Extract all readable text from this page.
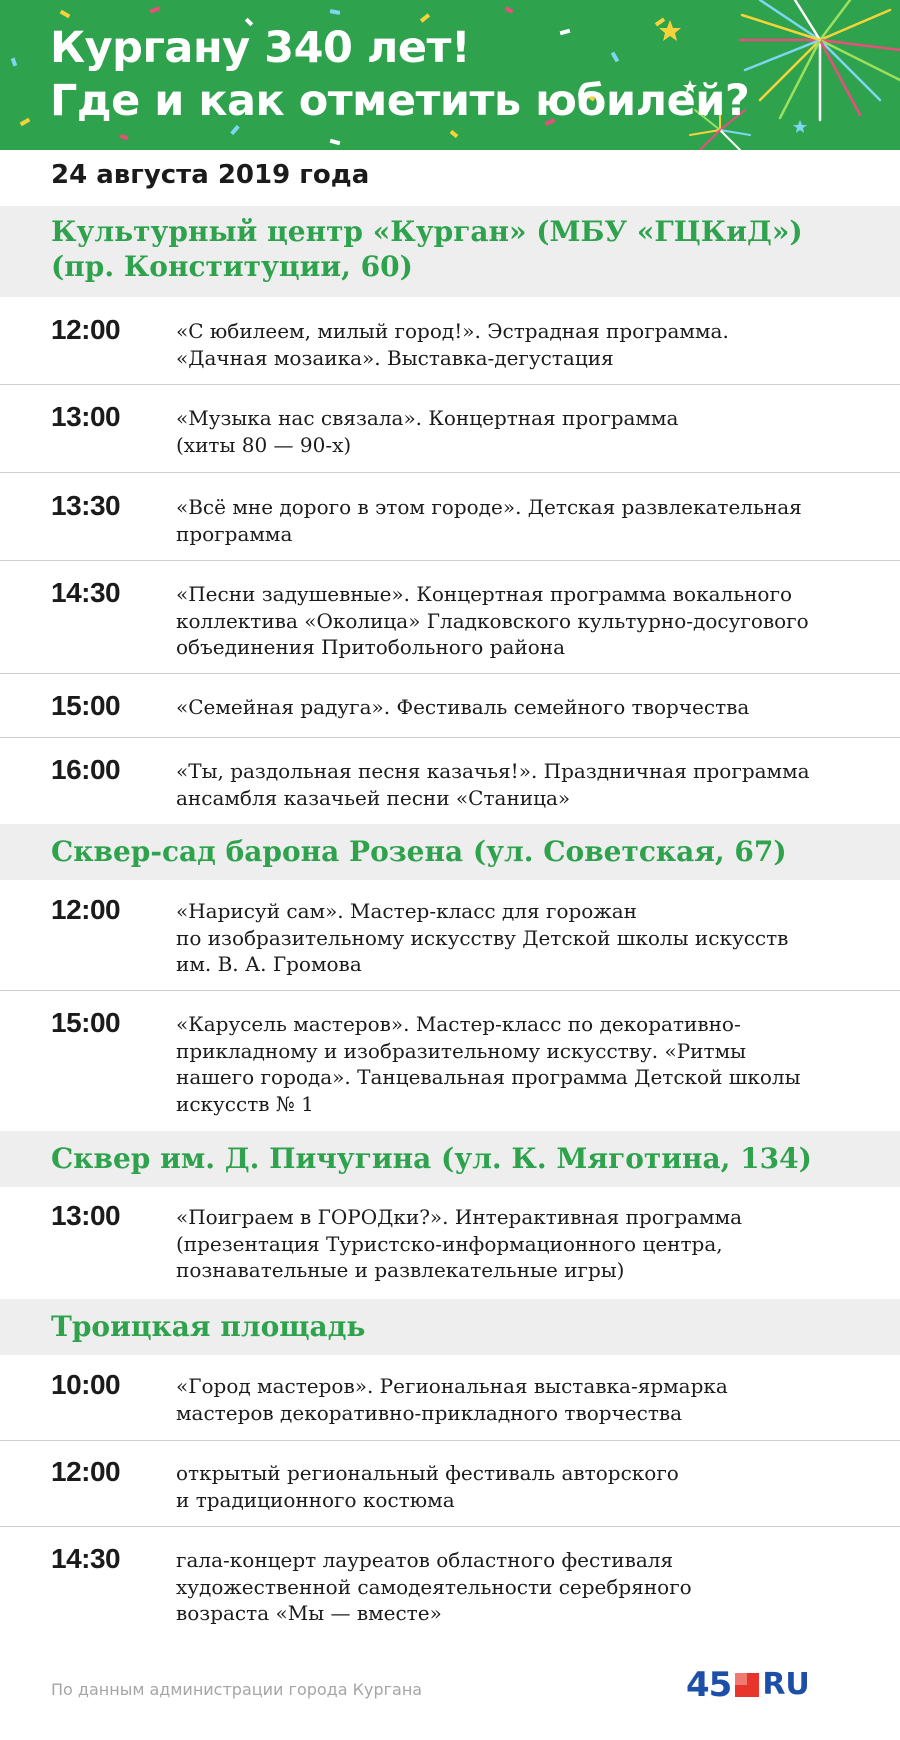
Кургану 340 лет!
Где и как отметить юбилей?
24 августа 2019 года
Культурный центр «Курган» (МБУ «ГЦКиД»)
(пр. Конституции, 60)
12:00	«С юбилеем, милый город!». Эстрадная программа.
«Дачная мозаика». Выставка-дегустация
13:00	«Музыка нас связала». Концертная программа
(хиты 80 — 90-х)
13:30	«Всё мне дорого в этом городе». Детская развлекательная
программа
14:30	«Песни задушевные». Концертная программа вокального
коллектива «Околица» Гладковского культурно-досугового
объединения Притобольного района
15:00	«Семейная радуга». Фестиваль семейного творчества
16:00	«Ты, раздольная песня казачья!». Праздничная программа
ансамбля казачьей песни «Станица»
Сквер-сад барона Розена (ул. Советская, 67)
12:00	«Нарисуй сам». Мастер-класс для горожан
по изобразительному искусству Детской школы искусств
им. В. А. Громова
15:00	«Карусель мастеров». Мастер-класс по декоративно-
прикладному и изобразительному искусству. «Ритмы
нашего города». Танцевальная программа Детской школы
искусств № 1
Сквер им. Д. Пичугина (ул. К. Мяготина, 134)
13:00	«Поиграем в ГОРОДки?». Интерактивная программа
(презентация Туристско-информационного центра,
познавательные и развлекательные игры)
Троицкая площадь
10:00	«Город мастеров». Региональная выставка-ярмарка
мастеров декоративно-прикладного творчества
12:00	открытый региональный фестиваль авторского
и традиционного костюма
14:30	гала-концерт лауреатов областного фестиваля
художественной самодеятельности серебряного
возраста «Мы — вместе»
По данным администрации города Кургана	45 RU
